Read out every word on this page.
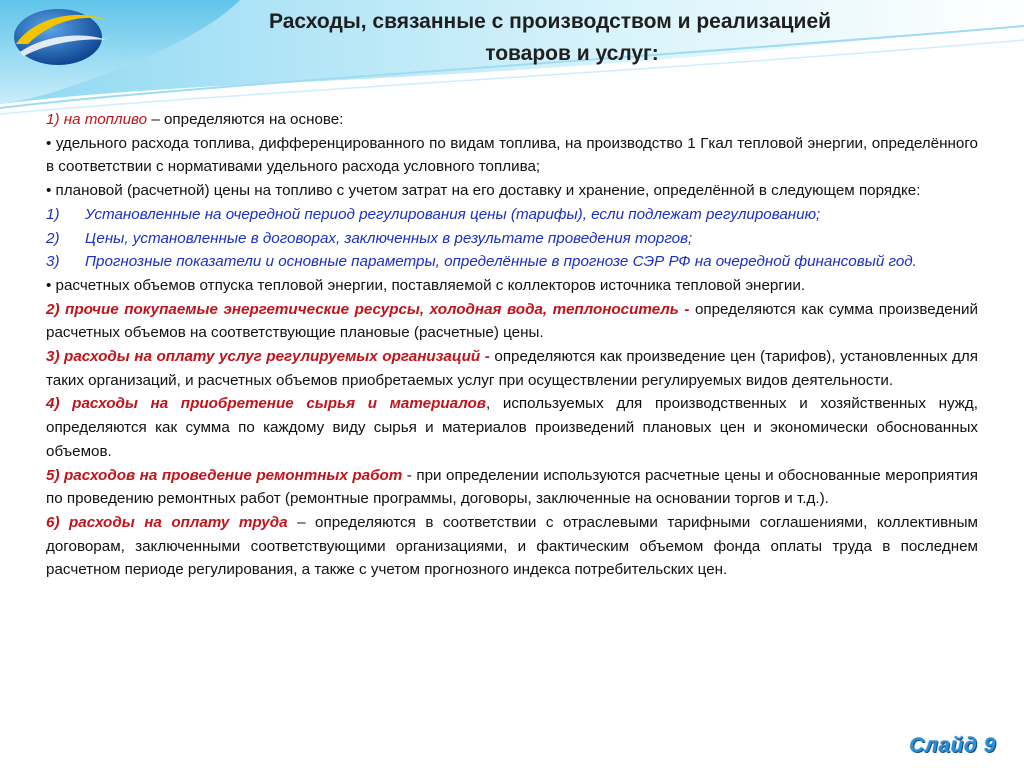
Расходы, связанные с производством и реализацией
товаров и услуг:

1) на топливо – определяются на основе:

• удельного расхода топлива, дифференцированного по видам топлива, на производство 1 Гкал тепловой энергии, определённого в соответствии с нормативами удельного расхода условного топлива;

• плановой (расчетной) цены на топливо с учетом затрат на его доставку и хранение, определённой в следующем порядке:

1)	Установленные на очередной период регулирования цены (тарифы), если подлежат регулированию;
2)	Цены, установленные в договорах, заключенных в результате проведения торгов;
3)	Прогнозные показатели и основные параметры, определённые в прогнозе СЭР РФ на очередной финансовый год.

• расчетных объемов отпуска тепловой энергии, поставляемой с коллекторов источника тепловой энергии.

2) прочие покупаемые энергетические ресурсы, холодная вода, теплоноситель - определяются как сумма произведений расчетных объемов на соответствующие плановые (расчетные) цены.

3) расходы на оплату услуг регулируемых организаций - определяются как произведение цен (тарифов), установленных для таких организаций, и расчетных объемов приобретаемых услуг при осуществлении регулируемых видов деятельности.

4) расходы на приобретение сырья и материалов, используемых для производственных и хозяйственных нужд, определяются как сумма по каждому виду сырья и материалов произведений плановых цен и экономически обоснованных объемов.

5) расходов на проведение ремонтных работ - при определении используются расчетные цены и обоснованные мероприятия по проведению ремонтных работ (ремонтные программы, договоры, заключенные на основании торгов и т.д.).

6) расходы на оплату труда – определяются в соответствии с отраслевыми тарифными соглашениями, коллективным договорам, заключенными соответствующими организациями, и фактическим объемом фонда оплаты труда в последнем расчетном периоде регулирования, а также с учетом прогнозного индекса потребительских цен.

Слайд 9
